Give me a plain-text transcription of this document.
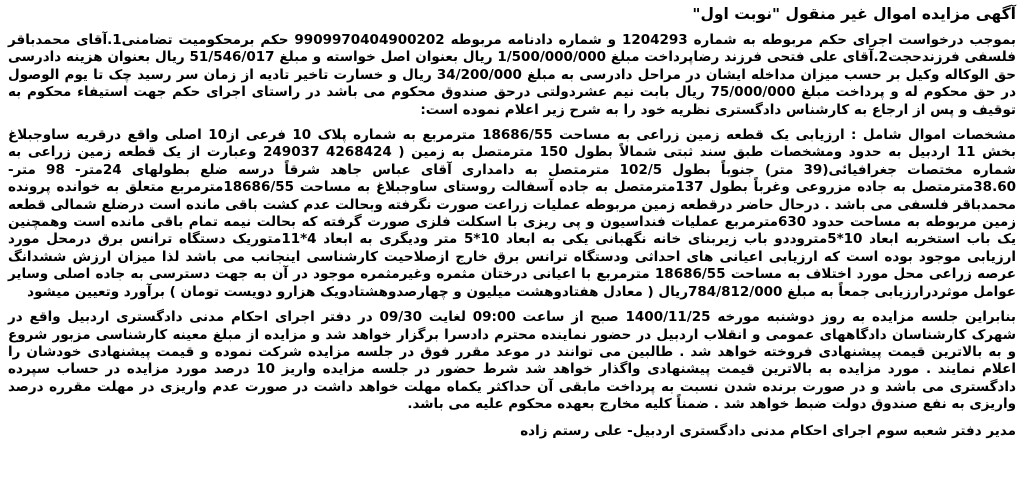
آگهی مزایده اموال غیر منقول "نوبت اول"

بموجب درخواست اجرای حکم مربوطه به شماره 1204293 و شماره دادنامه مربوطه 9909970404900202 حکم برمحکومیت تضامنی1.آقای محمدباقر فلسفی فرزندحجت2.آقای علی فتحی فرزند رضاپرداخت مبلغ 1/500/000/000 ریال بعنوان اصل خواسته و مبلغ 51/546/017 ریال بعنوان هزینه دادرسی حق الوکاله وکیل بر حسب میزان مداخله ایشان در مراحل دادرسی به مبلغ 34/200/000 ریال و خسارت تاخیر تادیه از زمان سر رسید چک تا یوم الوصول در حق محکوم له و پرداخت مبلغ 75/000/000 ریال بابت نیم عشردولتی درحق صندوق محکوم می باشد در راستای اجرای حکم جهت استیفاء محکوم به توقیف و پس از ارجاع به کارشناس دادگستری نظریه خود را به شرح زیر اعلام نموده است:

مشخصات اموال شامل : ارزیابی یک قطعه زمین زراعی به مساحت 18686/55 مترمربع به شماره پلاک 10 فرعی از10 اصلی واقع درقریه ساوجبلاغ بخش 11 اردبیل به حدود ومشخصات طبق سند ثبتی شمالاً بطول 150 مترمتصل به زمین ( 4268424 249037 وعبارت از یک قطعه زمین زراعی به شماره مختصات جغرافیائی(39 متر) جنوباً بطول 102/5 مترمتصل به دامداری آقای عباس جاهد شرقاً درسه ضلع بطولهای 24متر- 98 متر- 38.60مترمتصل به جاده مزروعی وغرباً بطول 137مترمتصل به جاده آسفالت روستای ساوجبلاغ به مساحت 18686/55مترمربع متعلق به خوانده پرونده محمدباقر فلسفی می باشد . درحال حاضر درقطعه زمین مربوطه عملیات زراعت صورت نگرفته وبحالت عدم کشت باقی مانده است درضلع شمالی قطعه زمین مربوطه به مساحت حدود 630مترمربع عملیات فنداسیون و پی ریزی با اسکلت فلزی صورت گرفته که بحالت نیمه تمام باقی مانده است وهمچنین یک باب استخربه ابعاد 10*5متروددو باب زیربنای خانه نگهبانی یکی به ابعاد 10*5 متر ودیگری به ابعاد 4*11متوریک دستگاه ترانس برق درمحل مورد ارزیابی موجود بوده است که ارزیابی اعیانی های احداثی ودستگاه ترانس برق خارج ازصلاحیت کارشناسی اینجانب می باشد لذا میزان ارزش ششدانگ عرصه زراعی محل مورد اختلاف به مساحت 18686/55 مترمربع با اعیانی درختان مثمره وغیرمثمره موجود در آن به جهت دسترسی به جاده اصلی وسایر عوامل موثردرارزیابی جمعاً به مبلغ 784/812/000ریال ( معادل هفتادوهشت میلیون و چهارصدوهشتادویک هزارو دویست تومان ) برآورد وتعیین میشود

بنابراین جلسه مزایده به روز دوشنبه مورخه 1400/11/25 صبح از ساعت 09:00 لغایت 09/30 در دفتر اجرای احکام مدنی دادگستری اردبیل واقع در شهرک کارشناسان دادگاههای عمومی و انقلاب اردبیل در حضور نماینده محترم دادسرا برگزار خواهد شد و مزایده از مبلغ معینه کارشناسی مزبور شروع و به بالاترین قیمت پیشنهادی فروخته خواهد شد . طالبین می توانند در موعد مقرر فوق در جلسه مزایده شرکت نموده و قیمت پیشنهادی خودشان را اعلام نمایند . مورد مزایده به بالاترین قیمت پیشنهادی واگذار خواهد شد شرط حضور در جلسه مزایده واریز 10 درصد مورد مزایده در حساب سپرده دادگستری می باشد و در صورت برنده شدن نسبت به پرداخت مابقی آن حداکثر یکماه مهلت خواهد داشت در صورت عدم واریزی در مهلت مقرره درصد واریزی به نفع صندوق دولت ضبط خواهد شد . ضمناً کلیه مخارج بعهده محکوم علیه می باشد.

مدیر دفتر شعبه سوم اجرای احکام مدنی دادگستری اردبیل- علی رستم زاده
